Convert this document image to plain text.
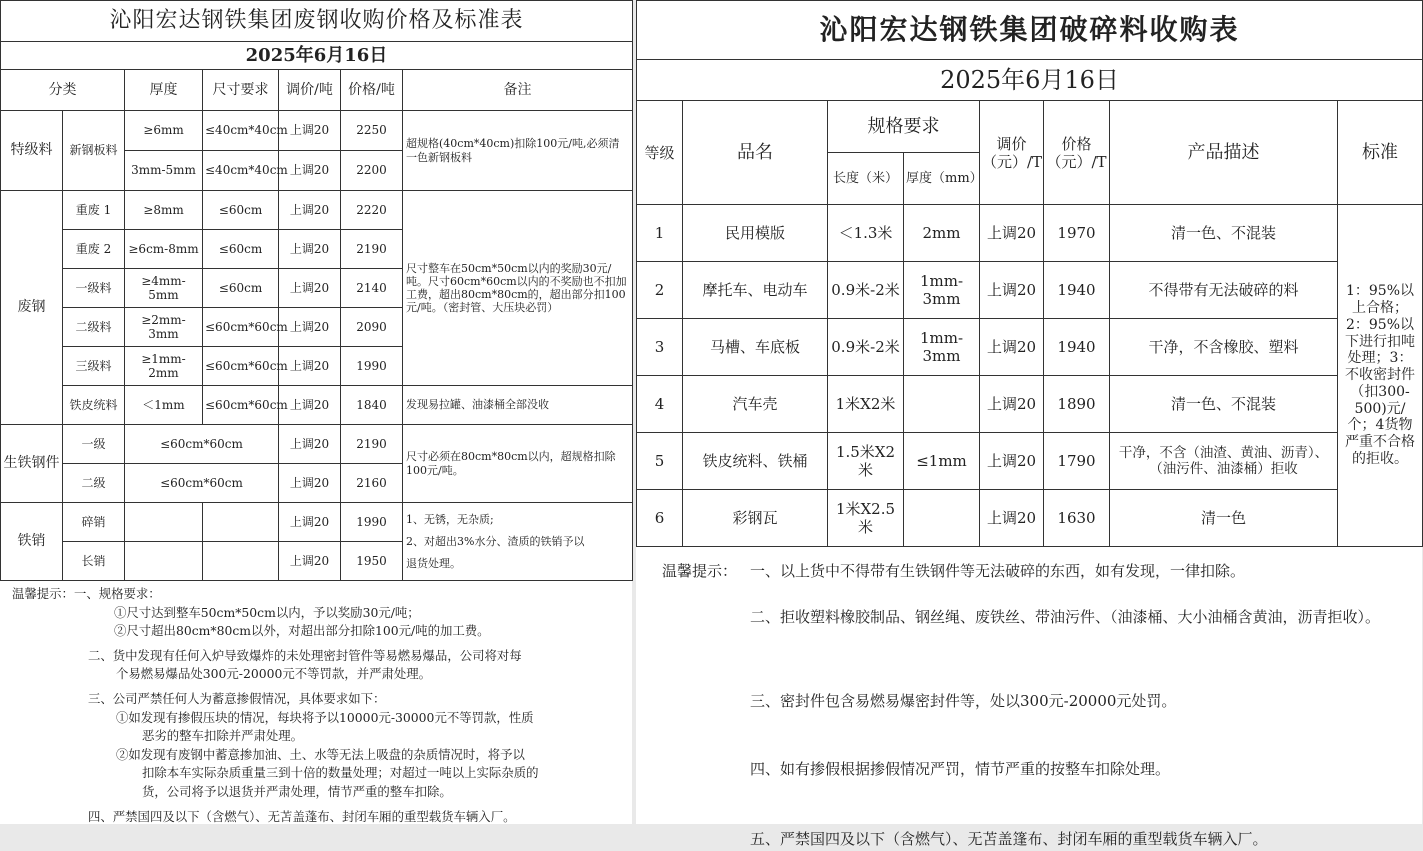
沁阳宏达钢铁集团废钢收购价格及标准表						
2025年6月16日						
分类		厚度	尺寸要求	调价/吨	价格/吨	备注
特级料	新钢板料	≥6mm	≤40cm*40cm	上调20	2250	超规格(40cm*40cm)扣除100元/吨,必须清一色新钢板料
		3mm-5mm	≤40cm*40cm	上调20	2200	
废钢	重废 1	≥8mm	≤60cm	上调20	2220	尺寸整车在50cm*50cm以内的奖励30元/吨。尺寸60cm*60cm以内的不奖励也不扣加工费，超出80cm*80cm的，超出部分扣100元/吨。（密封管、大压块必罚）
	重废 2	≥6cm-8mm	≤60cm	上调20	2190	
	一级料	≥4mm-5mm	≤60cm	上调20	2140	
	二级料	≥2mm-3mm	≤60cm*60cm	上调20	2090	
	三级料	≥1mm-2mm	≤60cm*60cm	上调20	1990	
	铁皮统料	＜1mm	≤60cm*60cm	上调20	1840	发现易拉罐、油漆桶全部没收
生铁钢件	一级	≤60cm*60cm		上调20	2190	尺寸必须在80cm*80cm以内，超规格扣除100元/吨。
	二级	≤60cm*60cm		上调20	2160	
铁销	碎销			上调20	1990	1、无锈，无杂质;
2、对超出3%水分、渣质的铁销予以
退货处理。

	长销			上调20	1950	
温馨提示：一、规格要求：
①尺寸达到整车50cm*50cm以内，予以奖励30元/吨；
②尺寸超出80cm*80cm以外，对超出部分扣除100元/吨的加工费。
二、货中发现有任何入炉导致爆炸的未处理密封管件等易燃易爆品，公司将对每
个易燃易爆品处300元-20000元不等罚款，并严肃处理。
三、公司严禁任何人为蓄意掺假情况，具体要求如下：
①如发现有掺假压块的情况，每块将予以10000元-30000元不等罚款，性质
恶劣的整车扣除并严肃处理。
②如发现有废钢中蓄意掺加油、土、水等无法上吸盘的杂质情况时，将予以
扣除本车实际杂质重量三到十倍的数量处理；对超过一吨以上实际杂质的
货，公司将予以退货并严肃处理，情节严重的整车扣除。
四、严禁国四及以下（含燃气）、无苫盖蓬布、封闭车厢的重型载货车辆入厂。
沁阳宏达钢铁集团破碎料收购表							
2025年6月16日							
等级	品名	规格要求		调价（元）/T	价格（元）/T	产品描述	标准
		长度（米）	厚度（mm）				
1	民用模版	＜1.3米	2mm	上调20	1970	清一色、不混装	1：95%以上合格；2：95%以下进行扣吨处理；3：不收密封件（扣300-500)元/个；4货物严重不合格的拒收。
2	摩托车、电动车	0.9米-2米	1mm-3mm	上调20	1940	不得带有无法破碎的料	
3	马槽、车底板	0.9米-2米	1mm-3mm	上调20	1940	干净，不含橡胶、塑料	
4	汽车壳	1米X2米		上调20	1890	清一色、不混装	
5	铁皮统料、铁桶	1.5米X2米	≤1mm	上调20	1790	干净，不含（油渣、黄油、沥青）、（油污件、油漆桶）拒收	
6	彩钢瓦	1米X2.5米		上调20	1630	清一色	
温馨提示： 一、以上货中不得带有生铁钢件等无法破碎的东西，如有发现，一律扣除。
二、拒收塑料橡胶制品、钢丝绳、废铁丝、带油污件、（油漆桶、大小油桶含黄油，沥青拒收）。
三、密封件包含易燃易爆密封件等，处以300元-20000元处罚。
四、如有掺假根据掺假情况严罚，情节严重的按整车扣除处理。
五、严禁国四及以下（含燃气）、无苫盖篷布、封闭车厢的重型载货车辆入厂。
